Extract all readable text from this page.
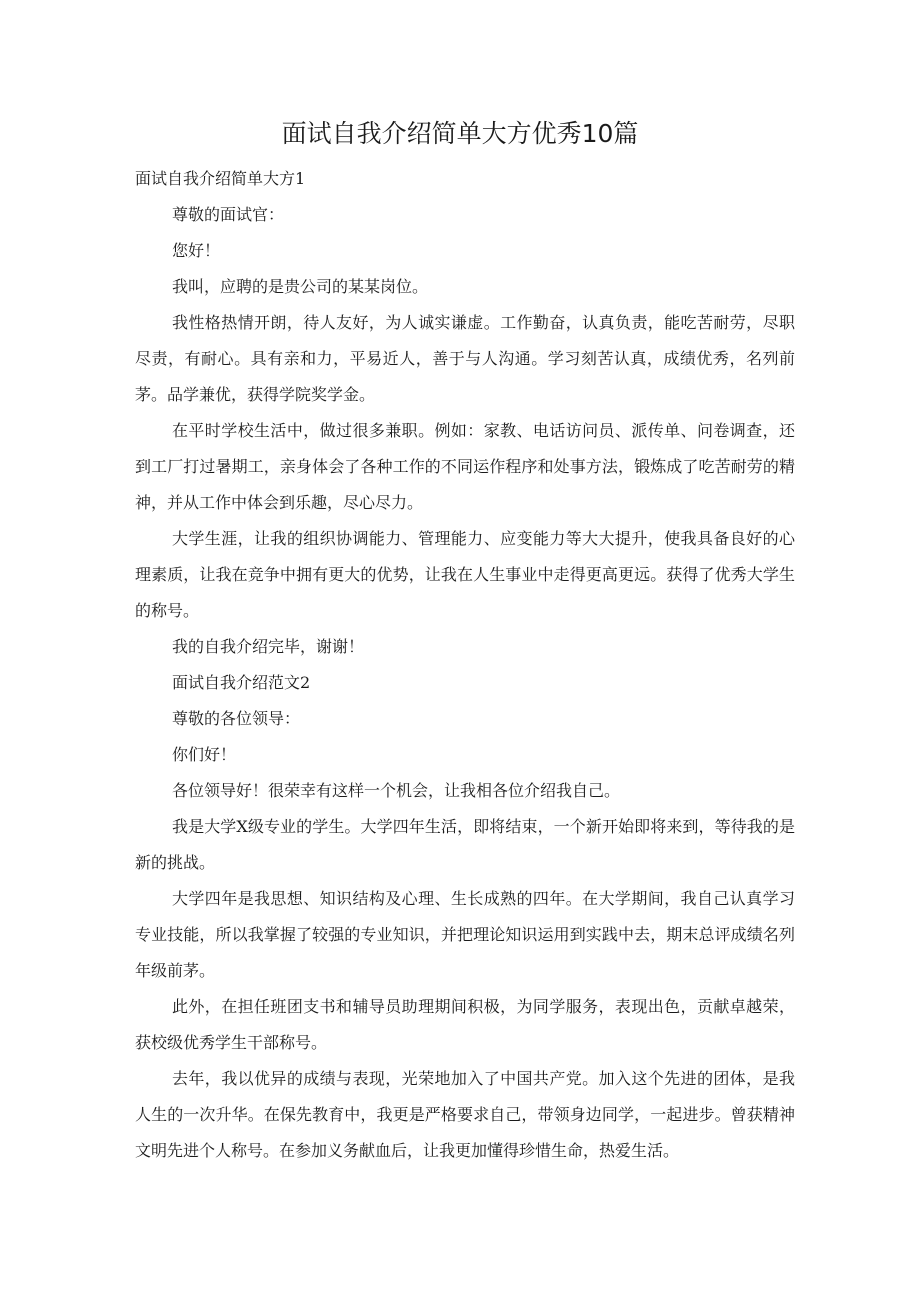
面试自我介绍简单大方优秀10篇

面试自我介绍简单大方1

尊敬的面试官：

您好！

我叫，应聘的是贵公司的某某岗位。

我性格热情开朗，待人友好，为人诚实谦虚。工作勤奋，认真负责，能吃苦耐劳，尽职尽责，有耐心。具有亲和力，平易近人，善于与人沟通。学习刻苦认真，成绩优秀，名列前茅。品学兼优，获得学院奖学金。

在平时学校生活中，做过很多兼职。例如：家教、电话访问员、派传单、问卷调查，还到工厂打过暑期工，亲身体会了各种工作的不同运作程序和处事方法，锻炼成了吃苦耐劳的精神，并从工作中体会到乐趣，尽心尽力。

大学生涯，让我的组织协调能力、管理能力、应变能力等大大提升，使我具备良好的心理素质，让我在竞争中拥有更大的优势，让我在人生事业中走得更高更远。获得了优秀大学生的称号。

我的自我介绍完毕，谢谢！

面试自我介绍范文2

尊敬的各位领导：

你们好！

各位领导好！很荣幸有这样一个机会，让我相各位介绍我自己。

我是大学X级专业的学生。大学四年生活，即将结束，一个新开始即将来到，等待我的是新的挑战。

大学四年是我思想、知识结构及心理、生长成熟的四年。在大学期间，我自己认真学习专业技能，所以我掌握了较强的专业知识，并把理论知识运用到实践中去，期末总评成绩名列年级前茅。

此外，在担任班团支书和辅导员助理期间积极，为同学服务，表现出色，贡献卓越荣，获校级优秀学生干部称号。

去年，我以优异的成绩与表现，光荣地加入了中国共产党。加入这个先进的团体，是我人生的一次升华。在保先教育中，我更是严格要求自己，带领身边同学，一起进步。曾获精神文明先进个人称号。在参加义务献血后，让我更加懂得珍惜生命，热爱生活。
